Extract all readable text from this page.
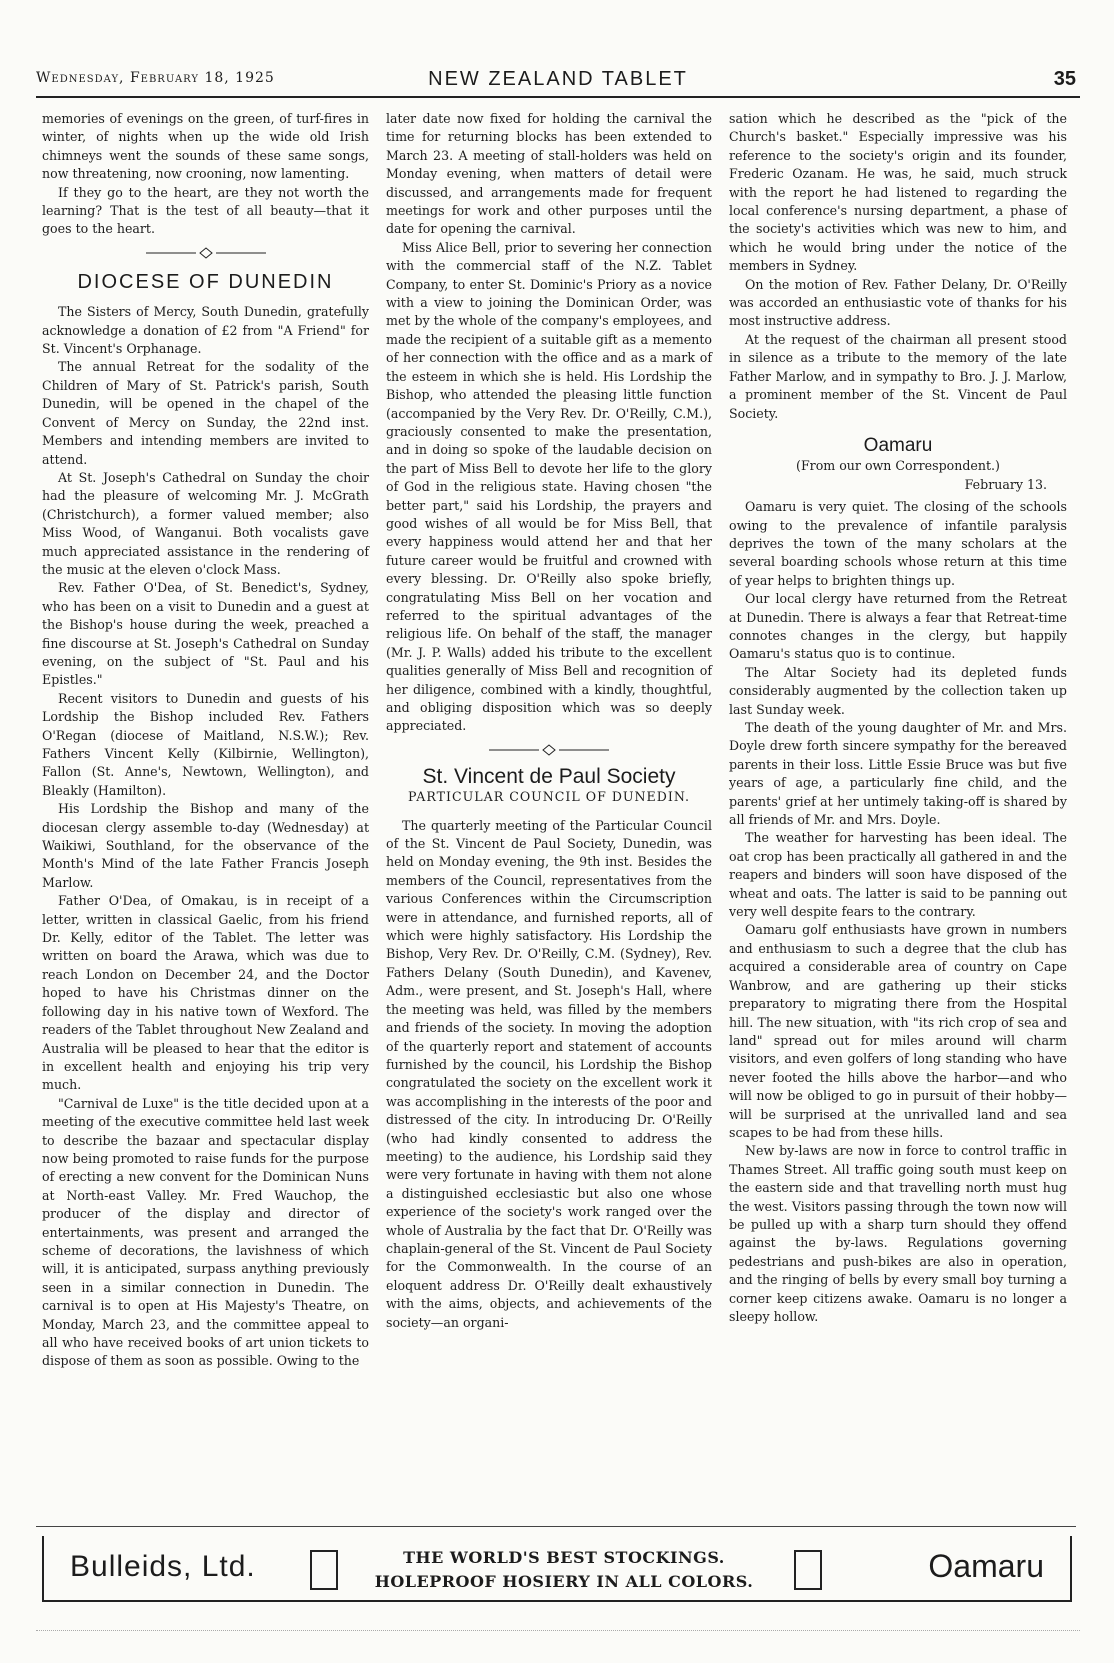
Wednesday, February 18, 1925	NEW ZEALAND TABLET	35

memories of evenings on the green, of turf-fires in winter, of nights when up the wide old Irish chimneys went the sounds of these same songs, now threatening, now crooning, now lamenting.

If they go to the heart, are they not worth the learning? That is the test of all beauty—that it goes to the heart.

DIOCESE OF DUNEDIN

The Sisters of Mercy, South Dunedin, gratefully acknowledge a donation of £2 from "A Friend" for St. Vincent's Orphanage.

The annual Retreat for the sodality of the Children of Mary of St. Patrick's parish, South Dunedin, will be opened in the chapel of the Convent of Mercy on Sunday, the 22nd inst. Members and intending members are invited to attend.

At St. Joseph's Cathedral on Sunday the choir had the pleasure of welcoming Mr. J. McGrath (Christchurch), a former valued member; also Miss Wood, of Wanganui. Both vocalists gave much appreciated assistance in the rendering of the music at the eleven o'clock Mass.

Rev. Father O'Dea, of St. Benedict's, Sydney, who has been on a visit to Dunedin and a guest at the Bishop's house during the week, preached a fine discourse at St. Joseph's Cathedral on Sunday evening, on the subject of "St. Paul and his Epistles."

Recent visitors to Dunedin and guests of his Lordship the Bishop included Rev. Fathers O'Regan (diocese of Maitland, N.S.W.); Rev. Fathers Vincent Kelly (Kilbirnie, Wellington), Fallon (St. Anne's, Newtown, Wellington), and Bleakly (Hamilton).

His Lordship the Bishop and many of the diocesan clergy assemble to-day (Wednesday) at Waikiwi, Southland, for the observance of the Month's Mind of the late Father Francis Joseph Marlow.

Father O'Dea, of Omakau, is in receipt of a letter, written in classical Gaelic, from his friend Dr. Kelly, editor of the Tablet. The letter was written on board the Arawa, which was due to reach London on December 24, and the Doctor hoped to have his Christmas dinner on the following day in his native town of Wexford. The readers of the Tablet throughout New Zealand and Australia will be pleased to hear that the editor is in excellent health and enjoying his trip very much.

"Carnival de Luxe" is the title decided upon at a meeting of the executive committee held last week to describe the bazaar and spectacular display now being promoted to raise funds for the purpose of erecting a new convent for the Dominican Nuns at North-east Valley. Mr. Fred Wauchop, the producer of the display and director of entertainments, was present and arranged the scheme of decorations, the lavishness of which will, it is anticipated, surpass anything previously seen in a similar connection in Dunedin. The carnival is to open at His Majesty's Theatre, on Monday, March 23, and the committee appeal to all who have received books of art union tickets to dispose of them as soon as possible. Owing to the

later date now fixed for holding the carnival the time for returning blocks has been extended to March 23. A meeting of stall-holders was held on Monday evening, when matters of detail were discussed, and arrangements made for frequent meetings for work and other purposes until the date for opening the carnival.

Miss Alice Bell, prior to severing her connection with the commercial staff of the N.Z. Tablet Company, to enter St. Dominic's Priory as a novice with a view to joining the Dominican Order, was met by the whole of the company's employees, and made the recipient of a suitable gift as a memento of her connection with the office and as a mark of the esteem in which she is held. His Lordship the Bishop, who attended the pleasing little function (accompanied by the Very Rev. Dr. O'Reilly, C.M.), graciously consented to make the presentation, and in doing so spoke of the laudable decision on the part of Miss Bell to devote her life to the glory of God in the religious state. Having chosen "the better part," said his Lordship, the prayers and good wishes of all would be for Miss Bell, that every happiness would attend her and that her future career would be fruitful and crowned with every blessing. Dr. O'Reilly also spoke briefly, congratulating Miss Bell on her vocation and referred to the spiritual advantages of the religious life. On behalf of the staff, the manager (Mr. J. P. Walls) added his tribute to the excellent qualities generally of Miss Bell and recognition of her diligence, combined with a kindly, thoughtful, and obliging disposition which was so deeply appreciated.

St. Vincent de Paul Society
PARTICULAR COUNCIL OF DUNEDIN.

The quarterly meeting of the Particular Council of the St. Vincent de Paul Society, Dunedin, was held on Monday evening, the 9th inst. Besides the members of the Council, representatives from the various Conferences within the Circumscription were in attendance, and furnished reports, all of which were highly satisfactory. His Lordship the Bishop, Very Rev. Dr. O'Reilly, C.M. (Sydney), Rev. Fathers Delany (South Dunedin), and Kavenev, Adm., were present, and St. Joseph's Hall, where the meeting was held, was filled by the members and friends of the society. In moving the adoption of the quarterly report and statement of accounts furnished by the council, his Lordship the Bishop congratulated the society on the excellent work it was accomplishing in the interests of the poor and distressed of the city. In introducing Dr. O'Reilly (who had kindly consented to address the meeting) to the audience, his Lordship said they were very fortunate in having with them not alone a distinguished ecclesiastic but also one whose experience of the society's work ranged over the whole of Australia by the fact that Dr. O'Reilly was chaplain-general of the St. Vincent de Paul Society for the Commonwealth. In the course of an eloquent address Dr. O'Reilly dealt exhaustively with the aims, objects, and achievements of the society—an organi-

sation which he described as the "pick of the Church's basket." Especially impressive was his reference to the society's origin and its founder, Frederic Ozanam. He was, he said, much struck with the report he had listened to regarding the local conference's nursing department, a phase of the society's activities which was new to him, and which he would bring under the notice of the members in Sydney.

On the motion of Rev. Father Delany, Dr. O'Reilly was accorded an enthusiastic vote of thanks for his most instructive address.

At the request of the chairman all present stood in silence as a tribute to the memory of the late Father Marlow, and in sympathy to Bro. J. J. Marlow, a prominent member of the St. Vincent de Paul Society.

Oamaru
(From our own Correspondent.)
February 13.

Oamaru is very quiet. The closing of the schools owing to the prevalence of infantile paralysis deprives the town of the many scholars at the several boarding schools whose return at this time of year helps to brighten things up.

Our local clergy have returned from the Retreat at Dunedin. There is always a fear that Retreat-time connotes changes in the clergy, but happily Oamaru's status quo is to continue.

The Altar Society had its depleted funds considerably augmented by the collection taken up last Sunday week.

The death of the young daughter of Mr. and Mrs. Doyle drew forth sincere sympathy for the bereaved parents in their loss. Little Essie Bruce was but five years of age, a particularly fine child, and the parents' grief at her untimely taking-off is shared by all friends of Mr. and Mrs. Doyle.

The weather for harvesting has been ideal. The oat crop has been practically all gathered in and the reapers and binders will soon have disposed of the wheat and oats. The latter is said to be panning out very well despite fears to the contrary.

Oamaru golf enthusiasts have grown in numbers and enthusiasm to such a degree that the club has acquired a considerable area of country on Cape Wanbrow, and are gathering up their sticks preparatory to migrating there from the Hospital hill. The new situation, with "its rich crop of sea and land" spread out for miles around will charm visitors, and even golfers of long standing who have never footed the hills above the harbor—and who will now be obliged to go in pursuit of their hobby—will be surprised at the unrivalled land and sea scapes to be had from these hills.

New by-laws are now in force to control traffic in Thames Street. All traffic going south must keep on the eastern side and that travelling north must hug the west. Visitors passing through the town now will be pulled up with a sharp turn should they offend against the by-laws. Regulations governing pedestrians and push-bikes are also in operation, and the ringing of bells by every small boy turning a corner keep citizens awake. Oamaru is no longer a sleepy hollow.

Bulleids, Ltd.	THE WORLD'S BEST STOCKINGS.
HOLEPROOF HOSIERY IN ALL COLORS.	Oamaru
